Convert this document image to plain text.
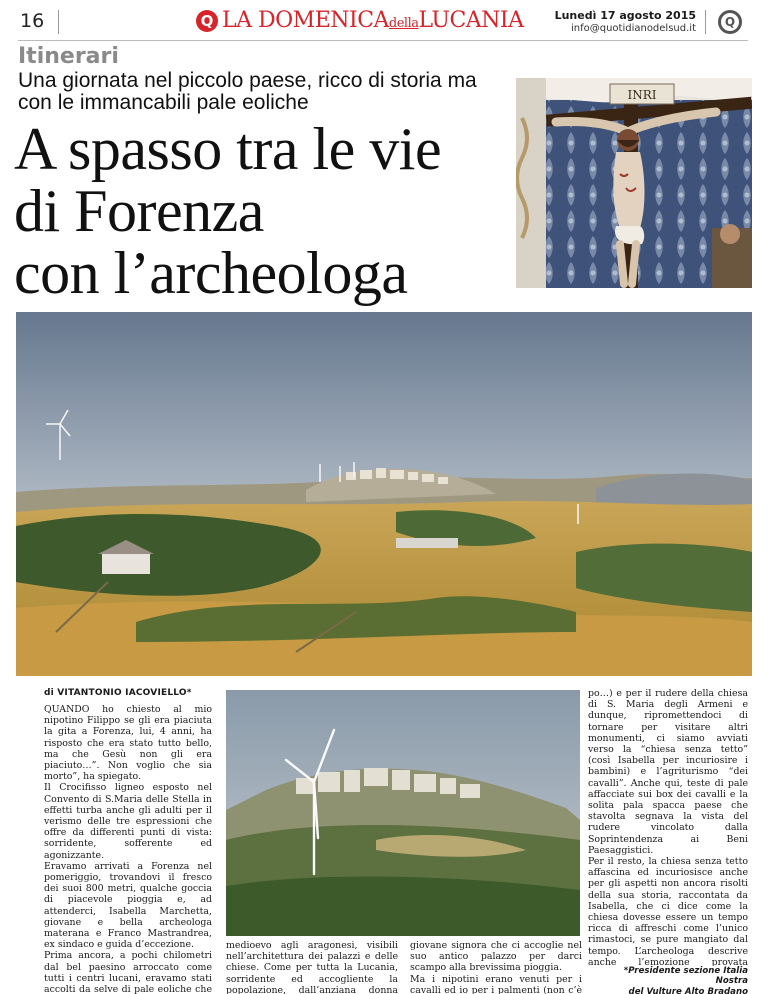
16	Q LA DOMENICAdellaLUCANIA	Lunedì 17 agosto 2015
info@quotidianodelsud.it	Q
Itinerari
Una giornata nel piccolo paese, ricco di storia ma con le immancabili pale eoliche
A spasso tra le vie
di Forenza
con l’archeologa
INRI
di VITANTONIO IACOVIELLO*
QUANDO ho chiesto al mio nipotino Filippo se gli era piaciuta la gita a Forenza, lui, 4 anni, ha risposto che era stato tutto bello, ma che Gesù non gli era piaciuto…”. Non voglio che sia morto”, ha spiegato.
Il Crocifisso ligneo esposto nel Convento di S.Maria delle Stella in effetti turba anche gli adulti per il verismo delle tre espressioni che offre da differenti punti di vista: sorridente, sofferente ed agonizzante.
Eravamo arrivati a Forenza nel pomeriggio, trovandovi il fresco dei suoi 800 metri, qualche goccia di piacevole pioggia e, ad attenderci, Isabella Marchetta, giovane e bella archeologa materana e Franco Mastrandrea, ex sindaco e guida d’eccezione.
Prima ancora, a pochi chilometri dal bel paesino arroccato come tutti i centri lucani, eravamo stati accolti da selve di pale eoliche che

medioevo agli aragonesi, visibili nell’architettura dei palazzi e delle chiese. Come per tutta la Lucania, sorridente ed accogliente la popolazione, dall’anziana donna
giovane signora che ci accoglie nel suo antico palazzo per darci scampo alla brevissima pioggia.
Ma i nipotini erano venuti per i cavalli ed io per i palmenti (non c’è
po…) e per il rudere della chiesa di S. Maria degli Armeni e dunque, ripromettendoci di tornare per visitare altri monumenti, ci siamo avviati verso la “chiesa senza tetto” (così Isabella per incuriosire i bambini) e l’agriturismo “dei cavalli”. Anche qui, teste di pale affacciate sui box dei cavalli e la solita pala spacca paese che stavolta segnava la vista del rudere vincolato dalla Soprintendenza ai Beni Paesaggistici.
Per il resto, la chiesa senza tetto affascina ed incuriosisce anche per gli aspetti non ancora risolti della sua storia, raccontata da Isabella, che ci dice come la chiesa dovesse essere un tempo ricca di affreschi come l’unico rimastoci, se pure mangiato dal tempo. L’archeologa descrive anche l’emozione provata

*Presidente sezione Italia Nostra
del Vulture Alto Bradano
